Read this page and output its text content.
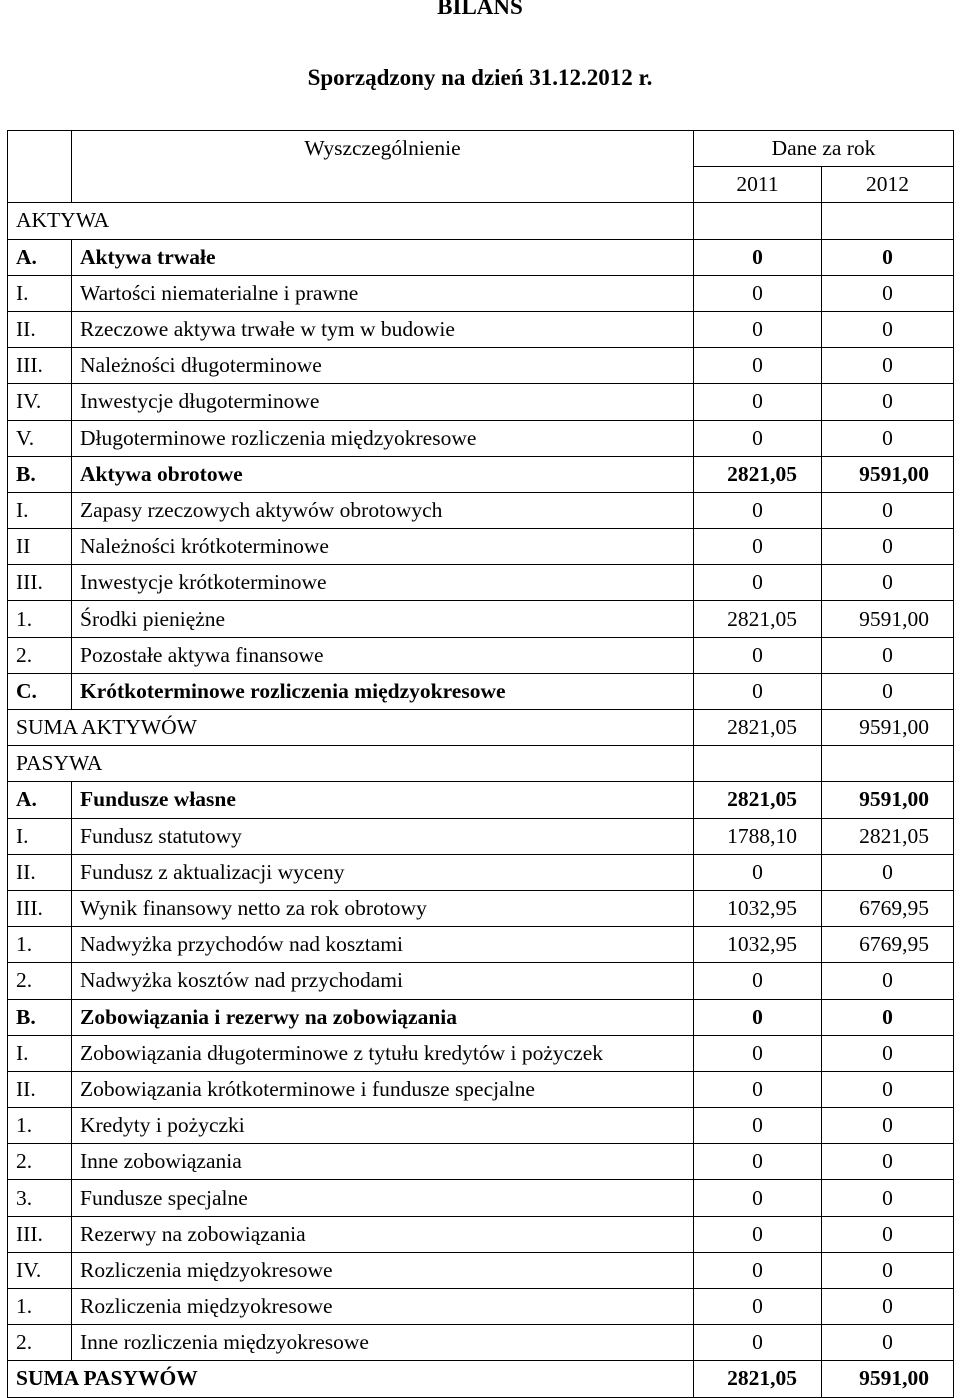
BILANS
Sporządzony na dzień 31.12.2012 r.
	Wyszczególnienie	Dane za rok	
		2011	2012
AKTYWA			
A.	Aktywa trwałe	0	0
I.	Wartości niematerialne i prawne	0	0
II.	Rzeczowe aktywa trwałe w tym w budowie	0	0
III.	Należności długoterminowe	0	0
IV.	Inwestycje długoterminowe	0	0
V.	Długoterminowe rozliczenia międzyokresowe	0	0
B.	Aktywa obrotowe	2821,05	9591,00
I.	Zapasy rzeczowych aktywów obrotowych	0	0
II	Należności krótkoterminowe	0	0
III.	Inwestycje krótkoterminowe	0	0
1.	Środki pieniężne	2821,05	9591,00
2.	Pozostałe aktywa finansowe	0	0
C.	Krótkoterminowe rozliczenia międzyokresowe	0	0
SUMA AKTYWÓW		2821,05	9591,00
PASYWA			
A.	Fundusze własne	2821,05	9591,00
I.	Fundusz statutowy	1788,10	2821,05
II.	Fundusz z aktualizacji wyceny	0	0
III.	Wynik finansowy netto za rok obrotowy	1032,95	6769,95
1.	Nadwyżka przychodów nad kosztami	1032,95	6769,95
2.	Nadwyżka kosztów nad przychodami	0	0
B.	Zobowiązania i rezerwy na zobowiązania	0	0
I.	Zobowiązania długoterminowe z tytułu kredytów i pożyczek	0	0
II.	Zobowiązania krótkoterminowe i fundusze specjalne	0	0
1.	Kredyty i pożyczki	0	0
2.	Inne zobowiązania	0	0
3.	Fundusze specjalne	0	0
III.	Rezerwy na zobowiązania	0	0
IV.	Rozliczenia międzyokresowe	0	0
1.	Rozliczenia międzyokresowe	0	0
2.	Inne rozliczenia międzyokresowe	0	0
SUMA PASYWÓW		2821,05	9591,00
